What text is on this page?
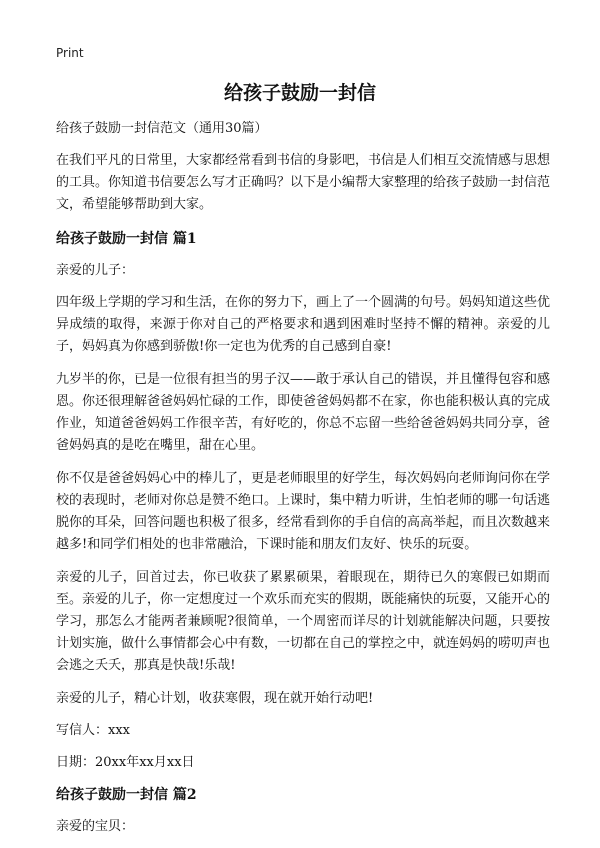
Print
给孩子鼓励一封信

给孩子鼓励一封信范文（通用30篇）

在我们平凡的日常里，大家都经常看到书信的身影吧，书信是人们相互交流情感与思想的工具。你知道书信要怎么写才正确吗？以下是小编帮大家整理的给孩子鼓励一封信范文，希望能够帮助到大家。

给孩子鼓励一封信 篇1

亲爱的儿子：

四年级上学期的学习和生活，在你的努力下，画上了一个圆满的句号。妈妈知道这些优异成绩的取得，来源于你对自己的严格要求和遇到困难时坚持不懈的精神。亲爱的儿子，妈妈真为你感到骄傲!你一定也为优秀的自己感到自豪!

九岁半的你，已是一位很有担当的男子汉——敢于承认自己的错误，并且懂得包容和感恩。你还很理解爸爸妈妈忙碌的工作，即使爸爸妈妈都不在家，你也能积极认真的完成作业，知道爸爸妈妈工作很辛苦，有好吃的，你总不忘留一些给爸爸妈妈共同分享，爸爸妈妈真的是吃在嘴里，甜在心里。

你不仅是爸爸妈妈心中的棒儿了，更是老师眼里的好学生，每次妈妈向老师询问你在学校的表现时，老师对你总是赞不绝口。上课时，集中精力听讲，生怕老师的哪一句话逃脱你的耳朵，回答问题也积极了很多，经常看到你的手自信的高高举起，而且次数越来越多!和同学们相处的也非常融洽，下课时能和朋友们友好、快乐的玩耍。

亲爱的儿子，回首过去，你已收获了累累硕果，着眼现在，期待已久的寒假已如期而至。亲爱的儿子，你一定想度过一个欢乐而充实的假期，既能痛快的玩耍，又能开心的学习，那怎么才能两者兼顾呢?很简单，一个周密而详尽的计划就能解决问题，只要按计划实施，做什么事情都会心中有数，一切都在自己的掌控之中，就连妈妈的唠叨声也会逃之夭夭，那真是快哉!乐哉!

亲爱的儿子，精心计划，收获寒假，现在就开始行动吧!

写信人：xxx

日期：20xx年xx月xx日

给孩子鼓励一封信 篇2

亲爱的宝贝：
